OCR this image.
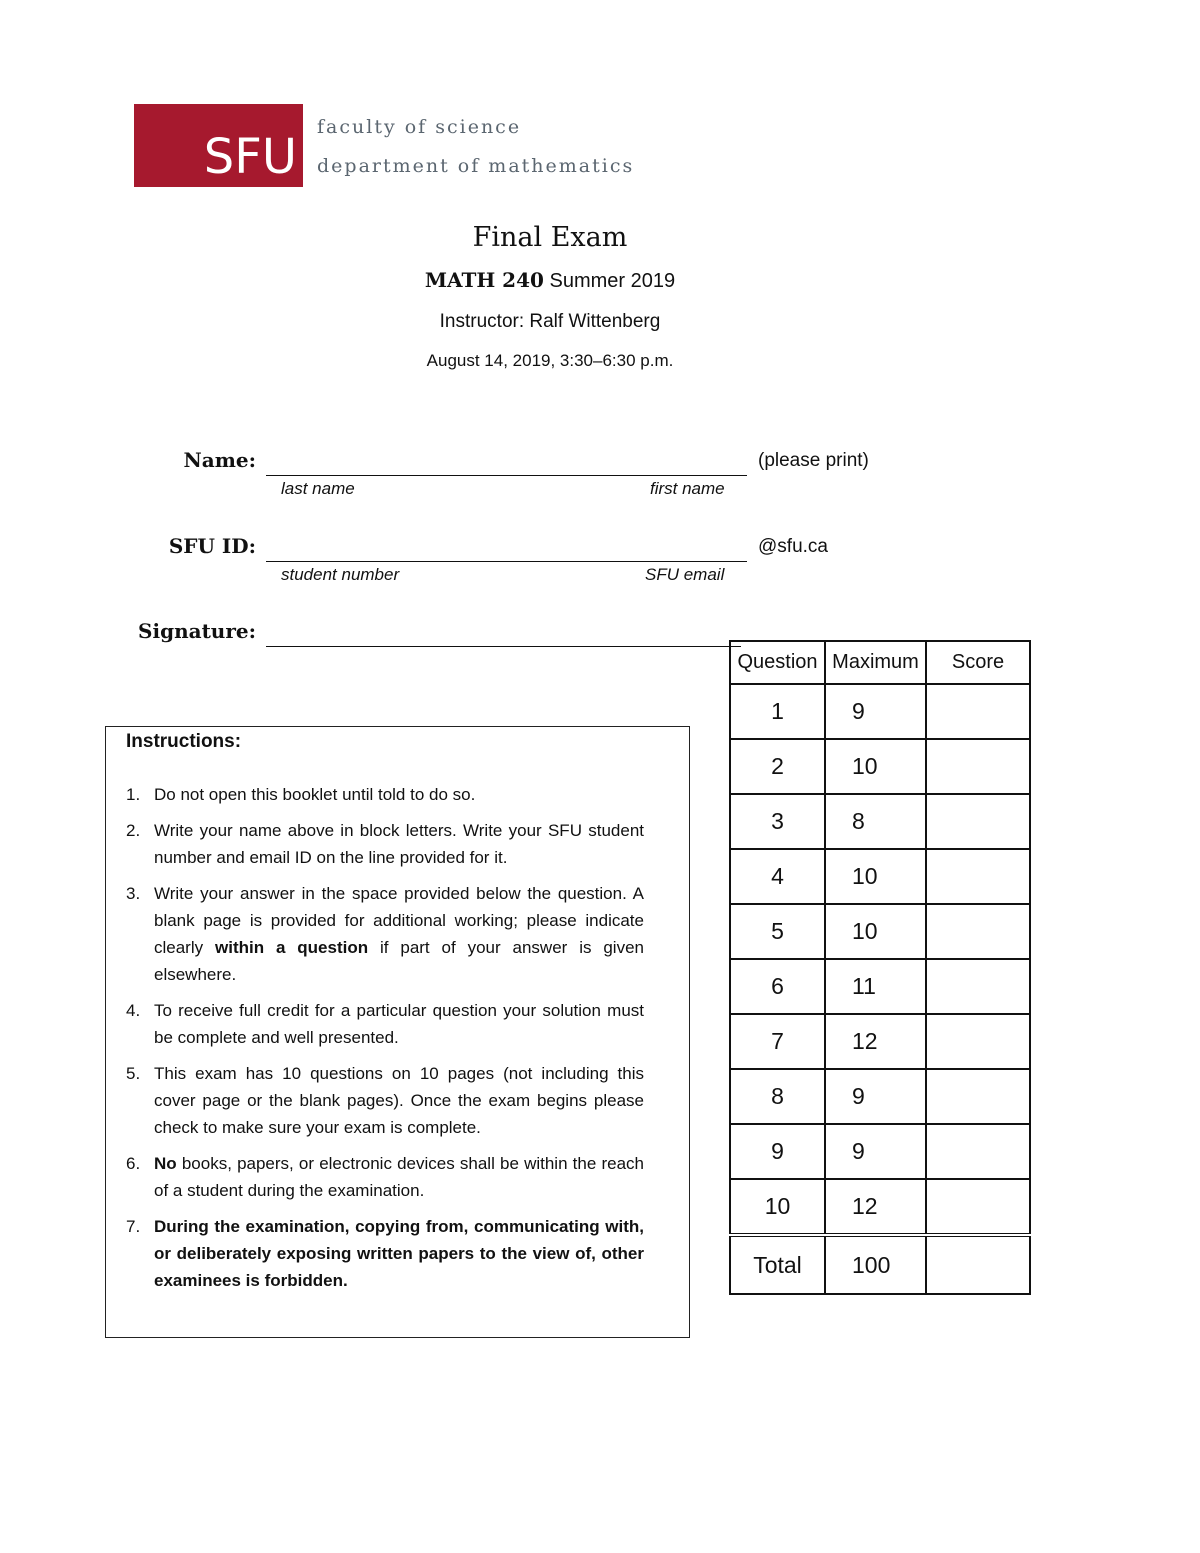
SFU
faculty of science
department of mathematics
Final Exam
MATH 240 Summer 2019
Instructor: Ralf Wittenberg
August 14, 2019, 3:30–6:30 p.m.
Name:	(please print)
last name	first name
SFU ID:	@sfu.ca
student number	SFU email
Signature:
Instructions:
1. Do not open this booklet until told to do so.
2. Write your name above in block letters. Write your SFU student number and email ID on the line provided for it.
3. Write your answer in the space provided below the question. A blank page is provided for additional working; please indicate clearly within a question if part of your answer is given elsewhere.
4. To receive full credit for a particular question your solution must be complete and well presented.
5. This exam has 10 questions on 10 pages (not including this cover page or the blank pages). Once the exam begins please check to make sure your exam is complete.
6. No books, papers, or electronic devices shall be within the reach of a student during the examination.
7. During the examination, copying from, communicating with, or deliberately exposing written papers to the view of, other examinees is forbidden.
Question	Maximum	Score
1	9	
2	10	
3	8	
4	10	
5	10	
6	11	
7	12	
8	9	
9	9	
10	12	
Total	100	
